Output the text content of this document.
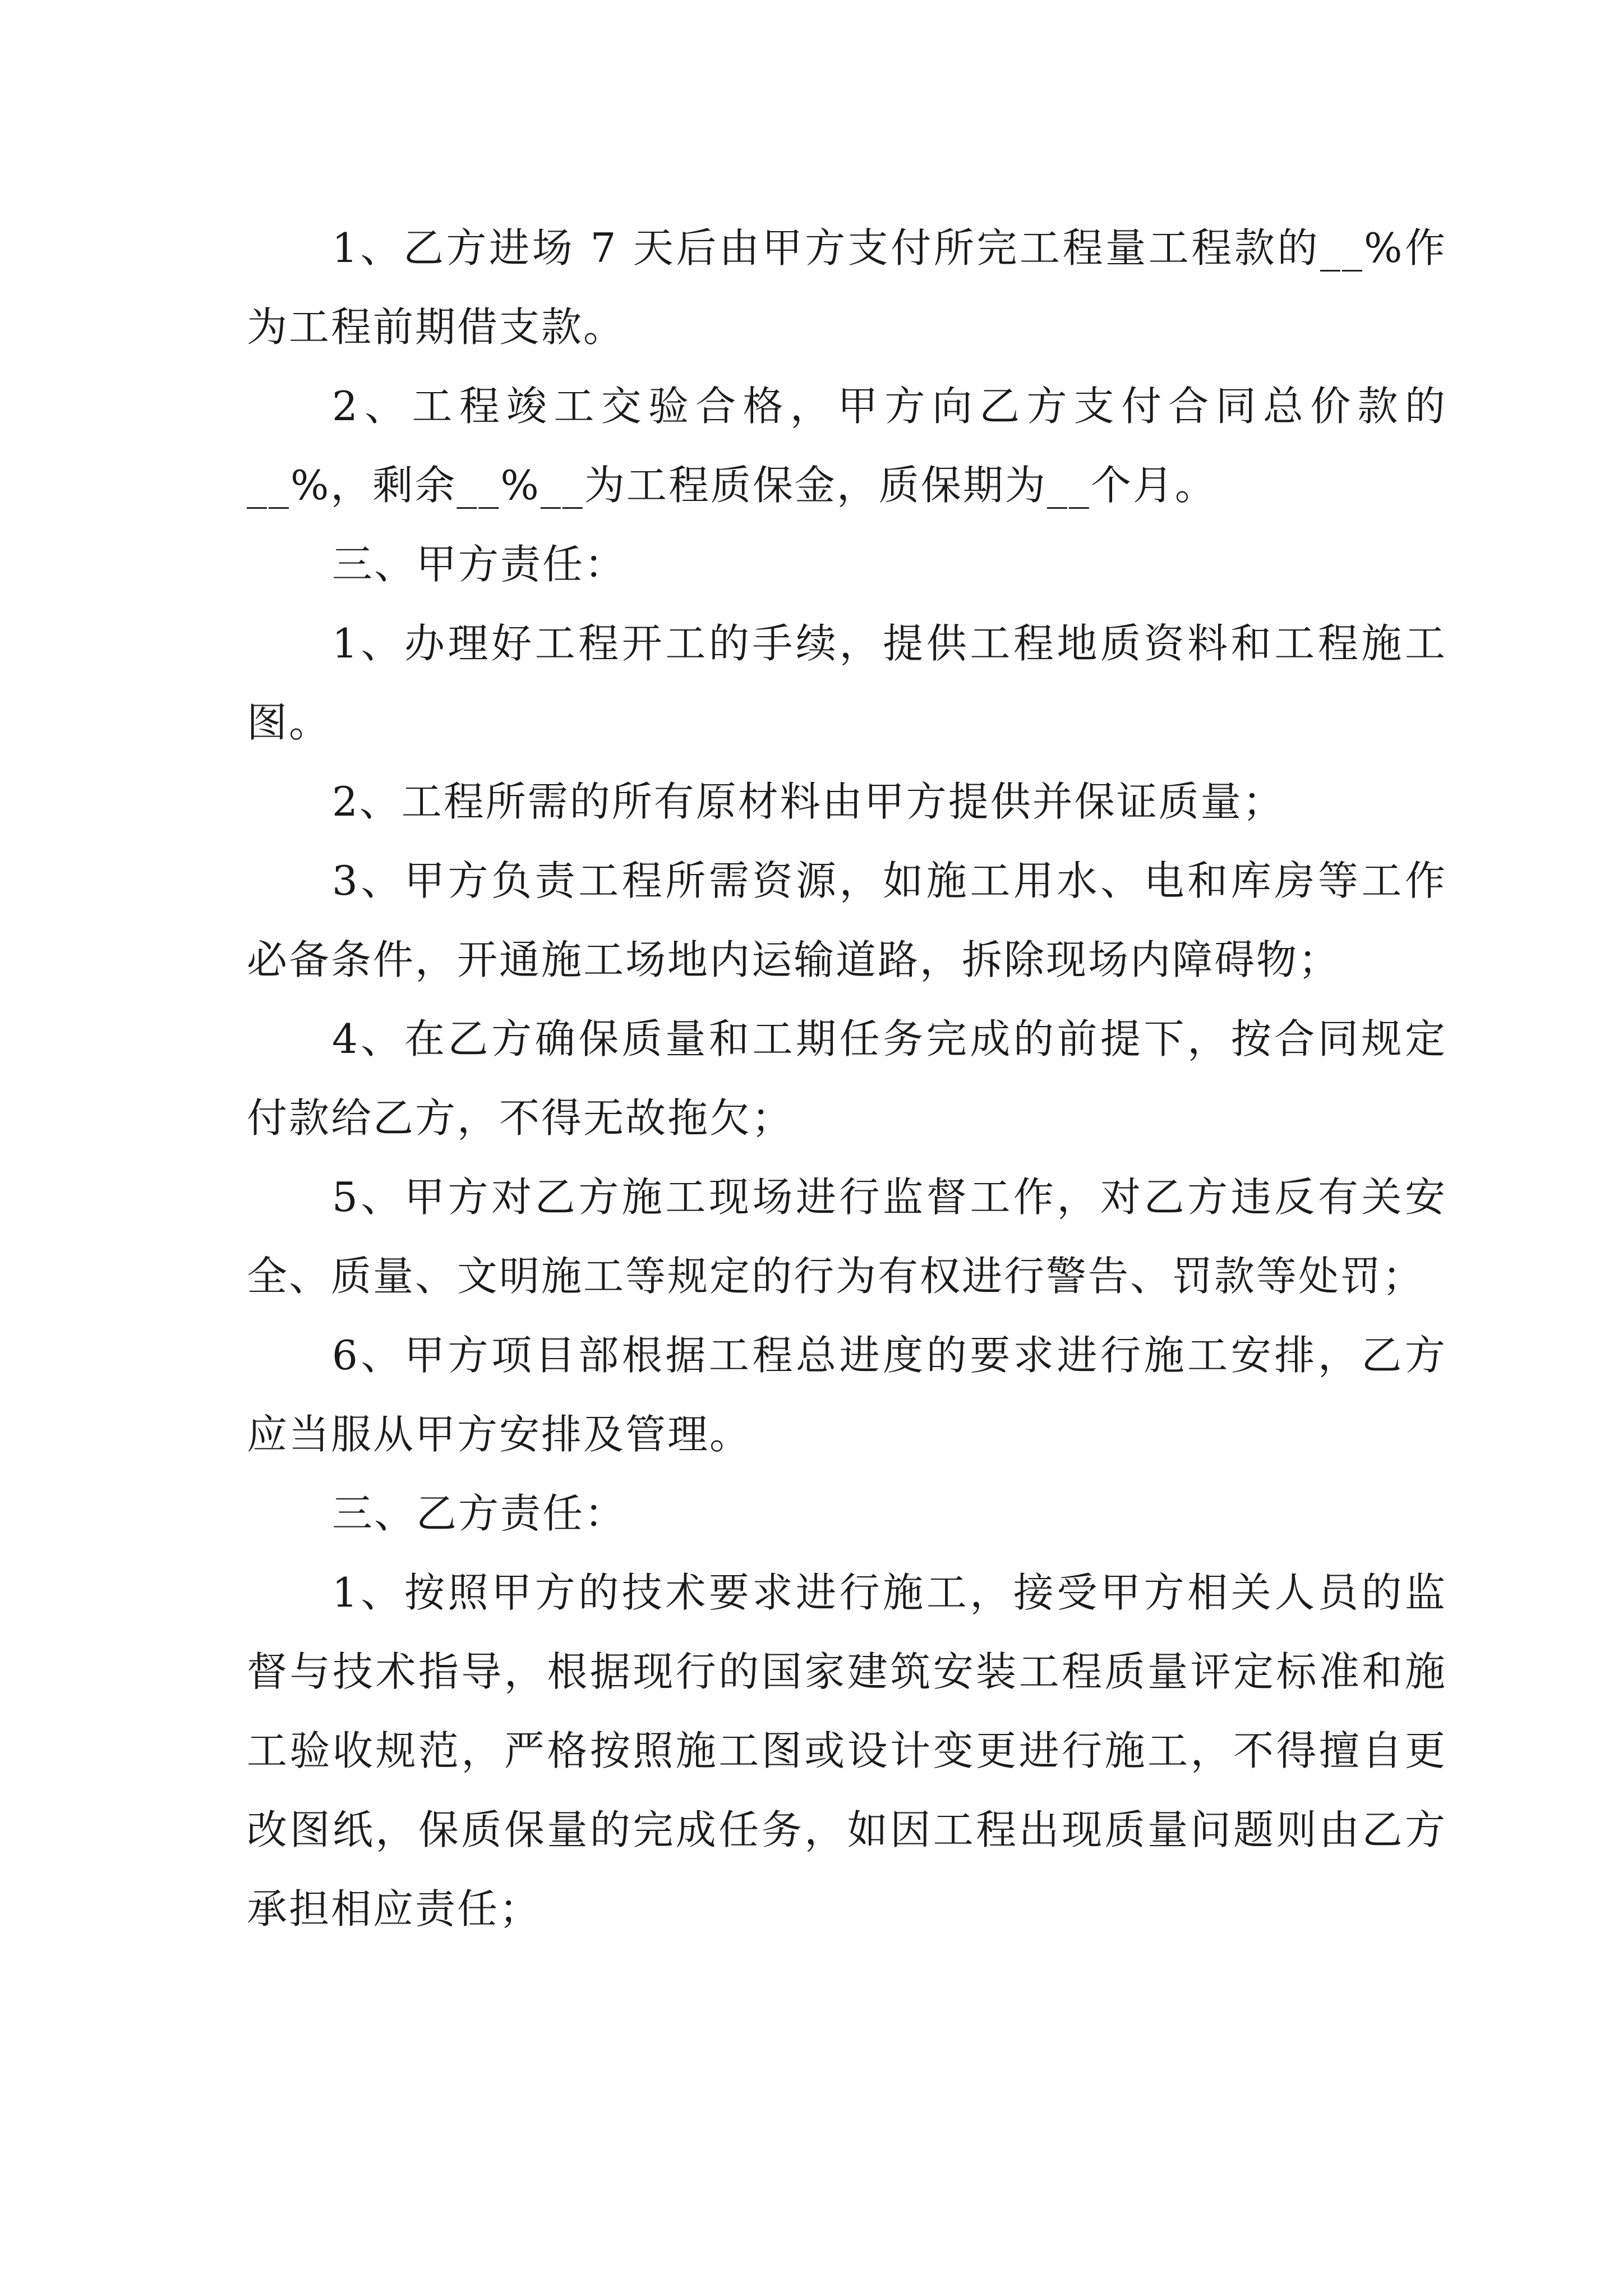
1、乙方进场 7 天后由甲方支付所完工程量工程款的__%作为工程前期借支款。

2、工程竣工交验合格，甲方向乙方支付合同总价款的__%，剩余__%__为工程质保金，质保期为__个月。

三、甲方责任：

1、办理好工程开工的手续，提供工程地质资料和工程施工图。

2、工程所需的所有原材料由甲方提供并保证质量；

3、甲方负责工程所需资源，如施工用水、电和库房等工作必备条件，开通施工场地内运输道路，拆除现场内障碍物；

4、在乙方确保质量和工期任务完成的前提下，按合同规定付款给乙方，不得无故拖欠；

5、甲方对乙方施工现场进行监督工作，对乙方违反有关安全、质量、文明施工等规定的行为有权进行警告、罚款等处罚；

6、甲方项目部根据工程总进度的要求进行施工安排，乙方应当服从甲方安排及管理。

三、乙方责任：

1、按照甲方的技术要求进行施工，接受甲方相关人员的监督与技术指导，根据现行的国家建筑安装工程质量评定标准和施工验收规范，严格按照施工图或设计变更进行施工，不得擅自更改图纸，保质保量的完成任务，如因工程出现质量问题则由乙方承担相应责任；
